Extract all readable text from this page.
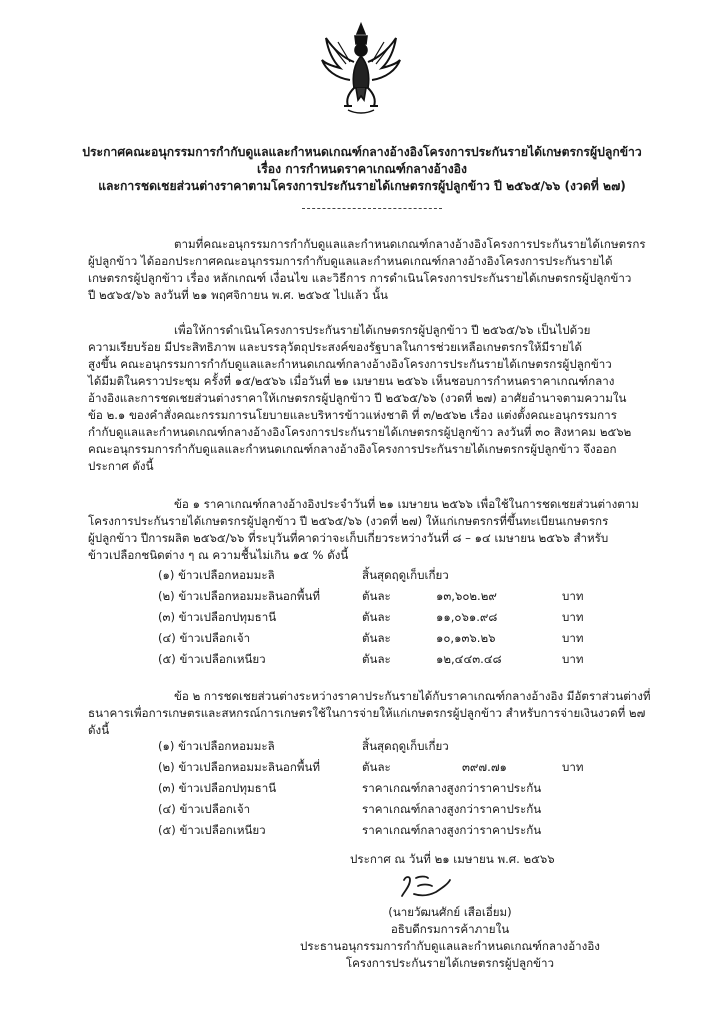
ประกาศคณะอนุกรรมการกำกับดูแลและกำหนดเกณฑ์กลางอ้างอิงโครงการประกันรายได้เกษตรกรผู้ปลูกข้าว
เรื่อง การกำหนดราคาเกณฑ์กลางอ้างอิง
และการชดเชยส่วนต่างราคาตามโครงการประกันรายได้เกษตรกรผู้ปลูกข้าว ปี ๒๕๖๕/๖๖ (งวดที่ ๒๗)
ตามที่คณะอนุกรรมการกำกับดูแลและกำหนดเกณฑ์กลางอ้างอิงโครงการประกันรายได้เกษตรกร
ผู้ปลูกข้าว ได้ออกประกาศคณะอนุกรรมการกำกับดูแลและกำหนดเกณฑ์กลางอ้างอิงโครงการประกันรายได้
เกษตรกรผู้ปลูกข้าว เรื่อง หลักเกณฑ์ เงื่อนไข และวิธีการ การดำเนินโครงการประกันรายได้เกษตรกรผู้ปลูกข้าว
ปี ๒๕๖๕/๖๖ ลงวันที่ ๒๑ พฤศจิกายน พ.ศ. ๒๕๖๕ ไปแล้ว นั้น
เพื่อให้การดำเนินโครงการประกันรายได้เกษตรกรผู้ปลูกข้าว ปี ๒๕๖๕/๖๖ เป็นไปด้วย
ความเรียบร้อย มีประสิทธิภาพ และบรรลุวัตถุประสงค์ของรัฐบาลในการช่วยเหลือเกษตรกรให้มีรายได้
สูงขึ้น คณะอนุกรรมการกำกับดูแลและกำหนดเกณฑ์กลางอ้างอิงโครงการประกันรายได้เกษตรกรผู้ปลูกข้าว
ได้มีมติในคราวประชุม ครั้งที่ ๑๕/๒๕๖๖ เมื่อวันที่ ๒๑ เมษายน ๒๕๖๖ เห็นชอบการกำหนดราคาเกณฑ์กลาง
อ้างอิงและการชดเชยส่วนต่างราคาให้เกษตรกรผู้ปลูกข้าว ปี ๒๕๖๕/๖๖ (งวดที่ ๒๗) อาศัยอำนาจตามความใน
ข้อ ๒.๑ ของคำสั่งคณะกรรมการนโยบายและบริหารข้าวแห่งชาติ ที่ ๓/๒๕๖๒ เรื่อง แต่งตั้งคณะอนุกรรมการ
กำกับดูแลและกำหนดเกณฑ์กลางอ้างอิงโครงการประกันรายได้เกษตรกรผู้ปลูกข้าว ลงวันที่ ๓๐ สิงหาคม ๒๕๖๒
คณะอนุกรรมการกำกับดูแลและกำหนดเกณฑ์กลางอ้างอิงโครงการประกันรายได้เกษตรกรผู้ปลูกข้าว จึงออก
ประกาศ ดังนี้
ข้อ ๑ ราคาเกณฑ์กลางอ้างอิงประจำวันที่ ๒๑ เมษายน ๒๕๖๖ เพื่อใช้ในการชดเชยส่วนต่างตาม
โครงการประกันรายได้เกษตรกรผู้ปลูกข้าว ปี ๒๕๖๕/๖๖ (งวดที่ ๒๗) ให้แก่เกษตรกรที่ขึ้นทะเบียนเกษตรกร
ผู้ปลูกข้าว ปีการผลิต ๒๕๖๕/๖๖ ที่ระบุวันที่คาดว่าจะเก็บเกี่ยวระหว่างวันที่ ๘ – ๑๔ เมษายน ๒๕๖๖ สำหรับ
ข้าวเปลือกชนิดต่าง ๆ ณ ความชื้นไม่เกิน ๑๕ % ดังนี้
(๑) ข้าวเปลือกหอมมะลิ	สิ้นสุดฤดูเก็บเกี่ยว
(๒) ข้าวเปลือกหอมมะลินอกพื้นที่	ตันละ	๑๓,๖๐๒.๒๙	บาท
(๓) ข้าวเปลือกปทุมธานี	ตันละ	๑๑,๐๖๑.๙๘	บาท
(๔) ข้าวเปลือกเจ้า	ตันละ	๑๐,๑๓๖.๒๖	บาท
(๕) ข้าวเปลือกเหนียว	ตันละ	๑๒,๔๔๓.๔๘	บาท
ข้อ ๒ การชดเชยส่วนต่างระหว่างราคาประกันรายได้กับราคาเกณฑ์กลางอ้างอิง มีอัตราส่วนต่างที่
ธนาคารเพื่อการเกษตรและสหกรณ์การเกษตรใช้ในการจ่ายให้แก่เกษตรกรผู้ปลูกข้าว สำหรับการจ่ายเงินงวดที่ ๒๗
ดังนี้
(๑) ข้าวเปลือกหอมมะลิ	สิ้นสุดฤดูเก็บเกี่ยว
(๒) ข้าวเปลือกหอมมะลินอกพื้นที่	ตันละ	๓๙๗.๗๑	บาท
(๓) ข้าวเปลือกปทุมธานี	ราคาเกณฑ์กลางสูงกว่าราคาประกัน
(๔) ข้าวเปลือกเจ้า	ราคาเกณฑ์กลางสูงกว่าราคาประกัน
(๕) ข้าวเปลือกเหนียว	ราคาเกณฑ์กลางสูงกว่าราคาประกัน
ประกาศ ณ วันที่ ๒๑ เมษายน พ.ศ. ๒๕๖๖
(นายวัฒนศักย์ เสือเอี่ยม)
อธิบดีกรมการค้าภายใน
ประธานอนุกรรมการกำกับดูแลและกำหนดเกณฑ์กลางอ้างอิง
โครงการประกันรายได้เกษตรกรผู้ปลูกข้าว
